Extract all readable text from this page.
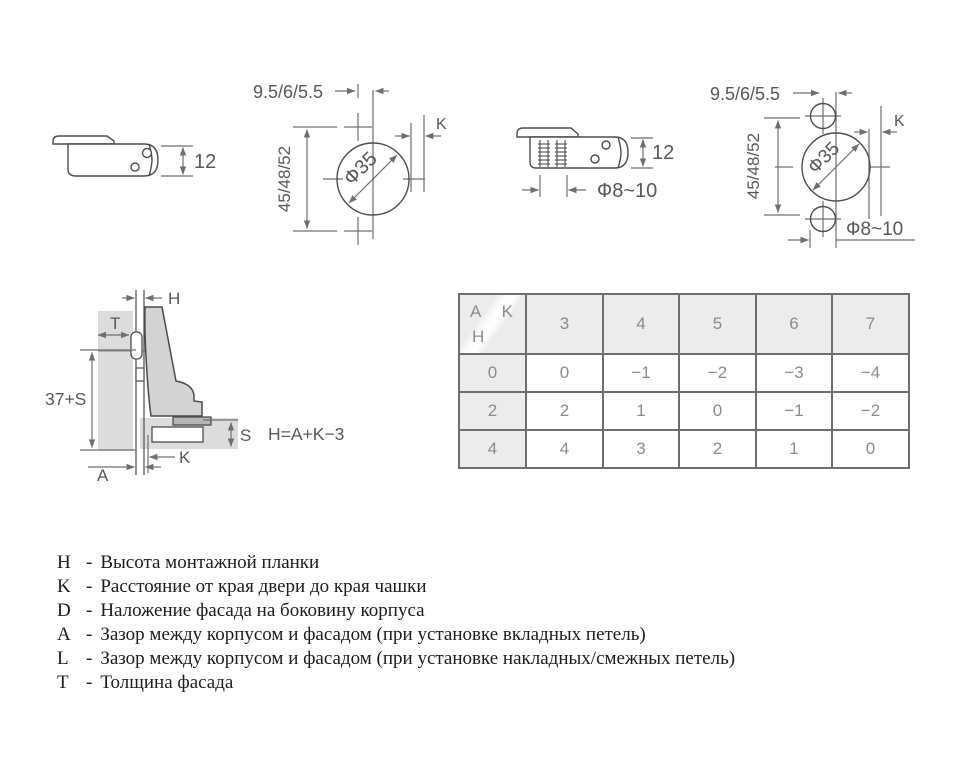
12
9.5/6/5.5
45/48/52 Ф35
K
12
Ф8~10
9.5/6/5.5
45/48/52 Ф35
K
Ф8~10
H
T
37+S
A
K
S H=A+K−3
A K
H	3	4	5	6	7
0	0	−1	−2	−3	−4
2	2	1	0	−1	−2
4	4	3	2	1	0
H - Высота монтажной планки
K - Расстояние от края двери до края чашки
D - Наложение фасада на боковину корпуса
A - Зазор между корпусом и фасадом (при установке вкладных петель)
L - Зазор между корпусом и фасадом (при установке накладных/смежных петель)
T - Толщина фасада
